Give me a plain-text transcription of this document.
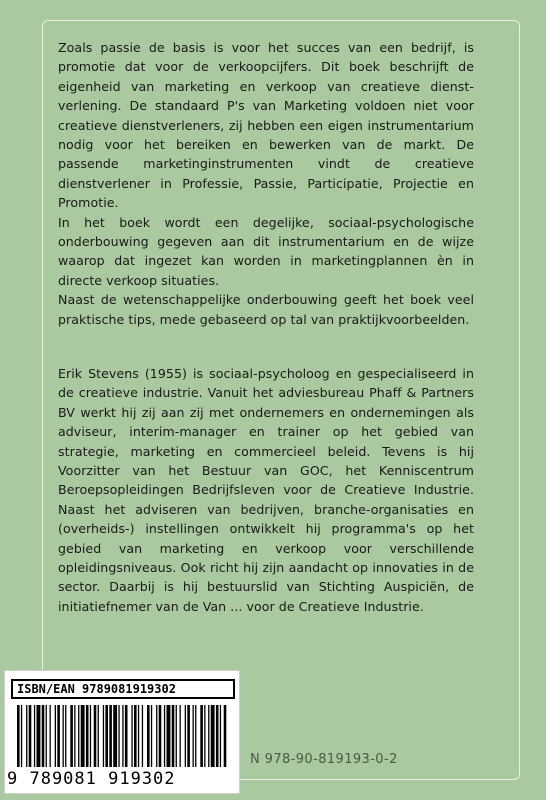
Zoals passie de basis is voor het succes van een bedrijf, is promotie dat voor de verkoopcijfers. Dit boek beschrijft de eigenheid van marketing en verkoop van creatieve dienst-verlening. De standaard P's van Marketing voldoen niet voor creatieve dienstverleners, zij hebben een eigen instrumentarium nodig voor het bereiken en bewerken van de markt. De passende marketinginstrumenten vindt de creatieve dienstverlener in Professie, Passie, Participatie, Projectie en Promotie.

In het boek wordt een degelijke, sociaal-psychologische onderbouwing gegeven aan dit instrumentarium en de wijze waarop dat ingezet kan worden in marketingplannen èn in directe verkoop situaties.

Naast de wetenschappelijke onderbouwing geeft het boek veel praktische tips, mede gebaseerd op tal van praktijkvoorbeelden.

Erik Stevens (1955) is sociaal-psycholoog en gespecialiseerd in de creatieve industrie. Vanuit het adviesbureau Phaff & Partners BV werkt hij zij aan zij met ondernemers en ondernemingen als adviseur, interim-manager en trainer op het gebied van strategie, marketing en commercieel beleid. Tevens is hij Voorzitter van het Bestuur van GOC, het Kenniscentrum Beroepsopleidingen Bedrijfsleven voor de Creatieve Industrie. Naast het adviseren van bedrijven, branche-organisaties en (overheids-) instellingen ontwikkelt hij programma's op het gebied van marketing en verkoop voor verschillende opleidingsniveaus. Ook richt hij zijn aandacht op innovaties in de sector. Daarbij is hij bestuurslid van Stichting Auspiciën, de initiatiefnemer van de Van ... voor de Creatieve Industrie.

ISBN/EAN 9789081919302
9 789081 919302
N 978-90-819193-0-2
